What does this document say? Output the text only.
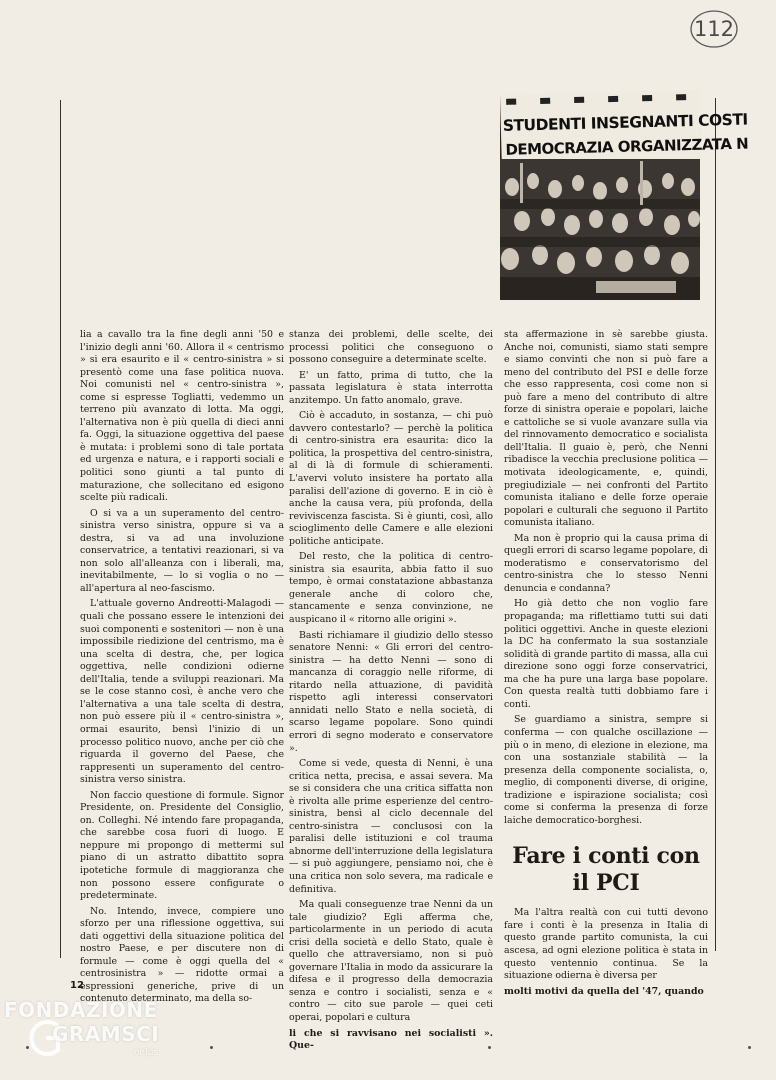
112
STUDENTI INSEGNANTI COSTI
DEMOCRAZIA ORGANIZZATA N

lia a cavallo tra la fine degli anni '50 e l'inizio degli anni '60. Allora il « centrismo » si era esaurito e il « centro-sinistra » si presentò come una fase politica nuova. Noi comunisti nel « centro-sinistra », come si espresse Togliatti, vedemmo un terreno più avanzato di lotta. Ma oggi, l'alternativa non è più quella di dieci anni fa. Oggi, la situazione oggettiva del paese è mutata: i problemi sono di tale portata ed urgenza e natura, e i rapporti sociali e politici sono giunti a tal punto di maturazione, che sollecitano ed esigono scelte più radicali.

O si va a un superamento del centro-sinistra verso sinistra, oppure si va a destra, si va ad una involuzione conservatrice, a tentativi reazionari, si va non solo all'alleanza con i liberali, ma, inevitabilmente, — lo si voglia o no — all'apertura al neo-fascismo.

L'attuale governo Andreotti-Malagodi — quali che possano essere le intenzioni dei suoi componenti e sostenitori — non è una impossibile riedizione del centrismo, ma è una scelta di destra, che, per logica oggettiva, nelle condizioni odierne dell'Italia, tende a sviluppi reazionari. Ma se le cose stanno così, è anche vero che l'alternativa a una tale scelta di destra, non può essere più il « centro-sinistra », ormai esaurito, bensì l'inizio di un processo politico nuovo, anche per ciò che riguarda il governo del Paese, che rappresenti un superamento del centro-sinistra verso sinistra.

Non faccio questione di formule. Signor Presidente, on. Presidente del Consiglio, on. Colleghi. Né intendo fare propaganda, che sarebbe cosa fuori di luogo. E neppure mi propongo di mettermi sul piano di un astratto dibattito sopra ipotetiche formule di maggioranza che non possono essere configurate o predeterminate.

No. Intendo, invece, compiere uno sforzo per una riflessione oggettiva, sui dati oggettivi della situazione politica del nostro Paese, e per discutere non di formule — come è oggi quella del « centrosinistra » — ridotte ormai a espressioni generiche, prive di un contenuto determinato, ma della so-

stanza dei problemi, delle scelte, dei processi politici che conseguono o possono conseguire a determinate scelte.

E' un fatto, prima di tutto, che la passata legislatura è stata interrotta anzitempo. Un fatto anomalo, grave.

Ciò è accaduto, in sostanza, — chi può davvero contestarlo? — perchè la politica di centro-sinistra era esaurita: dico la politica, la prospettiva del centro-sinistra, al di là di formule di schieramenti. L'avervi voluto insistere ha portato alla paralisi dell'azione di governo. E in ciò è anche la causa vera, più profonda, della reviviscenza fascista. Si è giunti, così, allo scioglimento delle Camere e alle elezioni politiche anticipate.

Del resto, che la politica di centro-sinistra sia esaurita, abbia fatto il suo tempo, è ormai constatazione abbastanza generale anche di coloro che, stancamente e senza convinzione, ne auspicano il « ritorno alle origini ».

Basti richiamare il giudizio dello stesso senatore Nenni: « Gli errori del centro-sinistra — ha detto Nenni — sono di mancanza di coraggio nelle riforme, di ritardo nella attuazione, di pavidità rispetto agli interessi conservatori annidati nello Stato e nella società, di scarso legame popolare. Sono quindi errori di segno moderato e conservatore ».

Come si vede, questa di Nenni, è una critica netta, precisa, e assai severa. Ma se si considera che una critica siffatta non è rivolta alle prime esperienze del centro-sinistra, bensì al ciclo decennale del centro-sinistra — conclusosi con la paralisi delle istituzioni e col trauma abnorme dell'interruzione della legislatura — si può aggiungere, pensiamo noi, che è una critica non solo severa, ma radicale e definitiva.

Ma quali conseguenze trae Nenni da un tale giudizio? Egli afferma che, particolarmente in un periodo di acuta crisi della società e dello Stato, quale è quello che attraversiamo, non si può governare l'Italia in modo da assicurare la difesa e il progresso della democrazia senza e contro i socialisti, senza e « contro — cito sue parole — quei ceti operai, popolari e cultura

li che si ravvisano nei socialisti ». Que-

sta affermazione in sè sarebbe giusta. Anche noi, comunisti, siamo stati sempre e siamo convinti che non si può fare a meno del contributo del PSI e delle forze che esso rappresenta, così come non si può fare a meno del contributo di altre forze di sinistra operaie e popolari, laiche e cattoliche se si vuole avanzare sulla via del rinnovamento democratico e socialista dell'Italia. Il guaio è, però, che Nenni ribadisce la vecchia preclusione politica — motivata ideologicamente, e, quindi, pregiudiziale — nei confronti del Partito comunista italiano e delle forze operaie popolari e culturali che seguono il Partito comunista italiano.

Ma non è proprio qui la causa prima di quegli errori di scarso legame popolare, di moderatismo e conservatorismo del centro-sinistra che lo stesso Nenni denuncia e condanna?

Ho già detto che non voglio fare propaganda; ma riflettiamo tutti sui dati politici oggettivi. Anche in queste elezioni la DC ha confermato la sua sostanziale solidità di grande partito di massa, alla cui direzione sono oggi forze conservatrici, ma che ha pure una larga base popolare. Con questa realtà tutti dobbiamo fare i conti.

Se guardiamo a sinistra, sempre si conferma — con qualche oscillazione — più o in meno, di elezione in elezione, ma con una sostanziale stabilità — la presenza della componente socialista, o, meglio, di componenti diverse, di origine, tradizione e ispirazione socialista; così come si conferma la presenza di forze laiche democratico-borghesi.

Fare i conti con il PCI

Ma l'altra realtà con cui tutti devono fare i conti è la presenza in Italia di questo grande partito comunista, la cui ascesa, ad ogni elezione politica è stata in questo ventennio continua. Se la situazione odierna è diversa per

molti motivi da quella del '47, quando

12
FONDAZIONE
GRAMSCI
onlus
